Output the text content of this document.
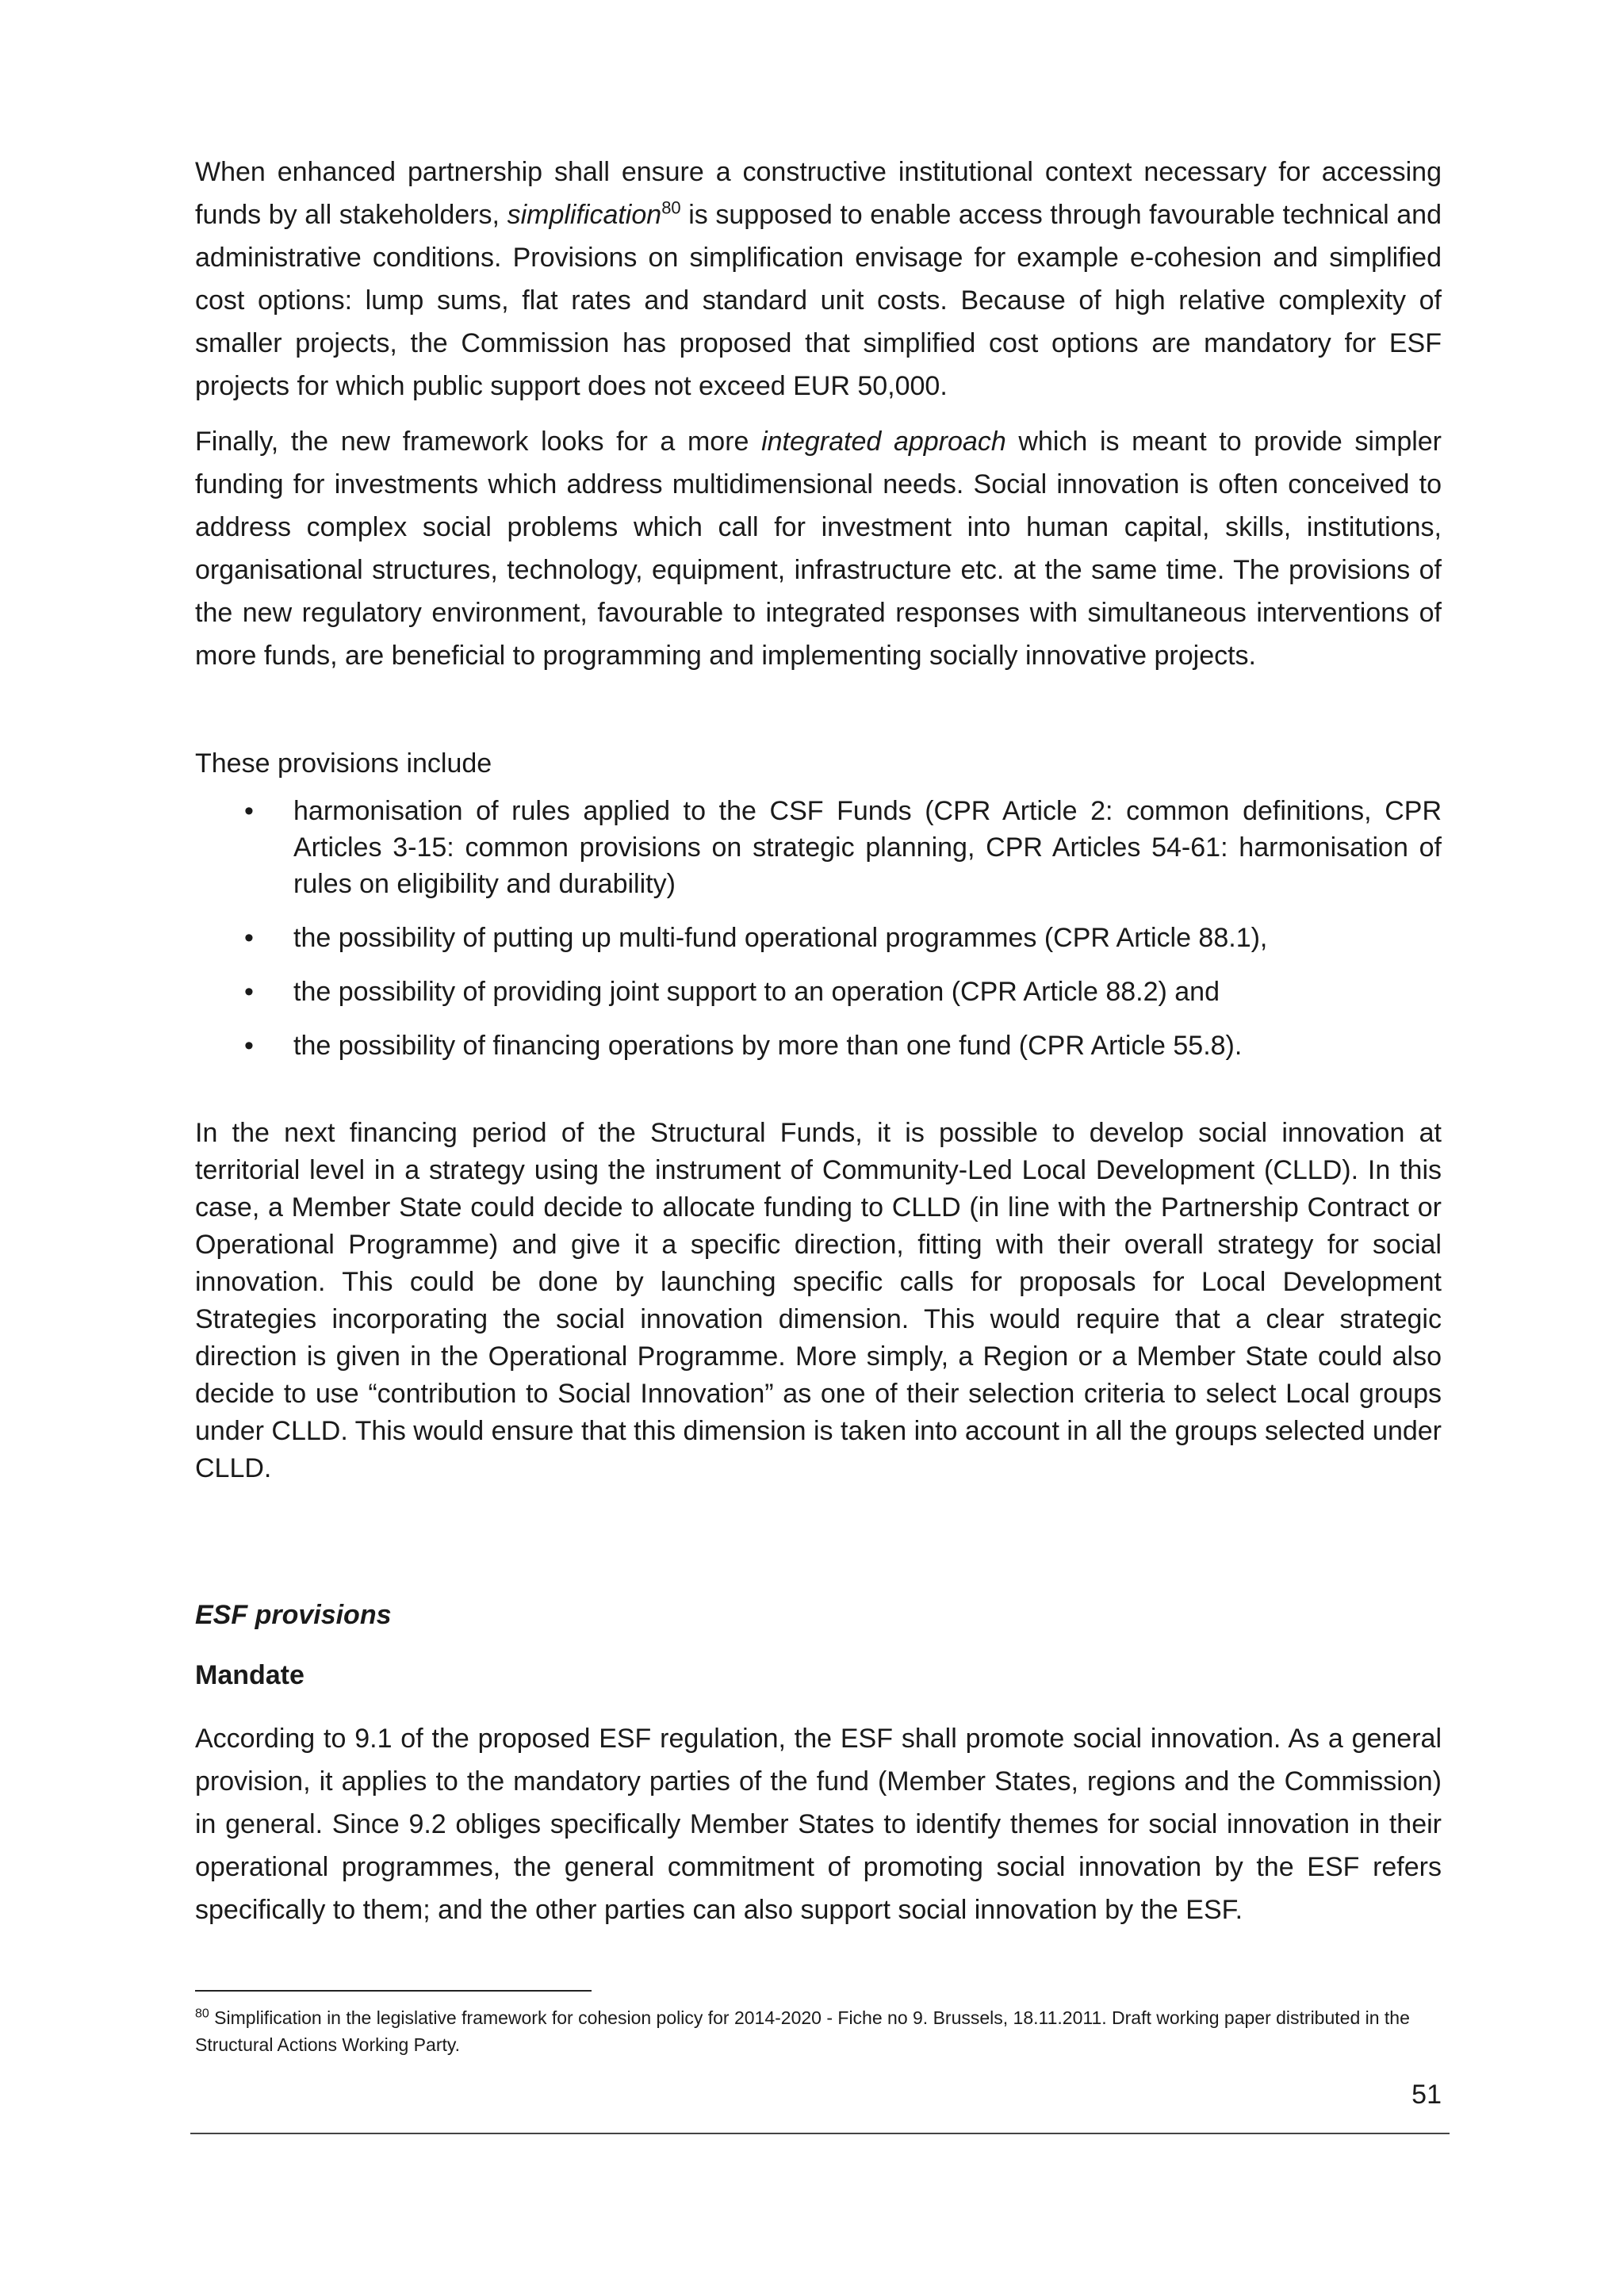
When enhanced partnership shall ensure a constructive institutional context necessary for accessing funds by all stakeholders, simplification$^{80}$ is supposed to enable access through favourable technical and administrative conditions. Provisions on simplification envisage for example e-cohesion and simplified cost options: lump sums, flat rates and standard unit costs. Because of high relative complexity of smaller projects, the Commission has proposed that simplified cost options are mandatory for ESF projects for which public support does not exceed EUR 50,000.

Finally, the new framework looks for a more integrated approach which is meant to provide simpler funding for investments which address multidimensional needs. Social innovation is often conceived to address complex social problems which call for investment into human capital, skills, institutions, organisational structures, technology, equipment, infrastructure etc. at the same time. The provisions of the new regulatory environment, favourable to integrated responses with simultaneous interventions of more funds, are beneficial to programming and implementing socially innovative projects.

These provisions include

• harmonisation of rules applied to the CSF Funds (CPR Article 2: common definitions, CPR Articles 3-15: common provisions on strategic planning, CPR Articles 54-61: harmonisation of rules on eligibility and durability)
• the possibility of putting up multi-fund operational programmes (CPR Article 88.1),
• the possibility of providing joint support to an operation (CPR Article 88.2) and
• the possibility of financing operations by more than one fund (CPR Article 55.8).

In the next financing period of the Structural Funds, it is possible to develop social innovation at territorial level in a strategy using the instrument of Community-Led Local Development (CLLD). In this case, a Member State could decide to allocate funding to CLLD (in line with the Partnership Contract or Operational Programme) and give it a specific direction, fitting with their overall strategy for social innovation. This could be done by launching specific calls for proposals for Local Development Strategies incorporating the social innovation dimension. This would require that a clear strategic direction is given in the Operational Programme. More simply, a Region or a Member State could also decide to use “contribution to Social Innovation” as one of their selection criteria to select Local groups under CLLD. This would ensure that this dimension is taken into account in all the groups selected under CLLD.

ESF provisions
Mandate

According to 9.1 of the proposed ESF regulation, the ESF shall promote social innovation. As a general provision, it applies to the mandatory parties of the fund (Member States, regions and the Commission) in general. Since 9.2 obliges specifically Member States to identify themes for social innovation in their operational programmes, the general commitment of promoting social innovation by the ESF refers specifically to them; and the other parties can also support social innovation by the ESF.

$^{80}$ Simplification in the legislative framework for cohesion policy for 2014-2020 - Fiche no 9. Brussels, 18.11.2011. Draft working paper distributed in the Structural Actions Working Party.

51
